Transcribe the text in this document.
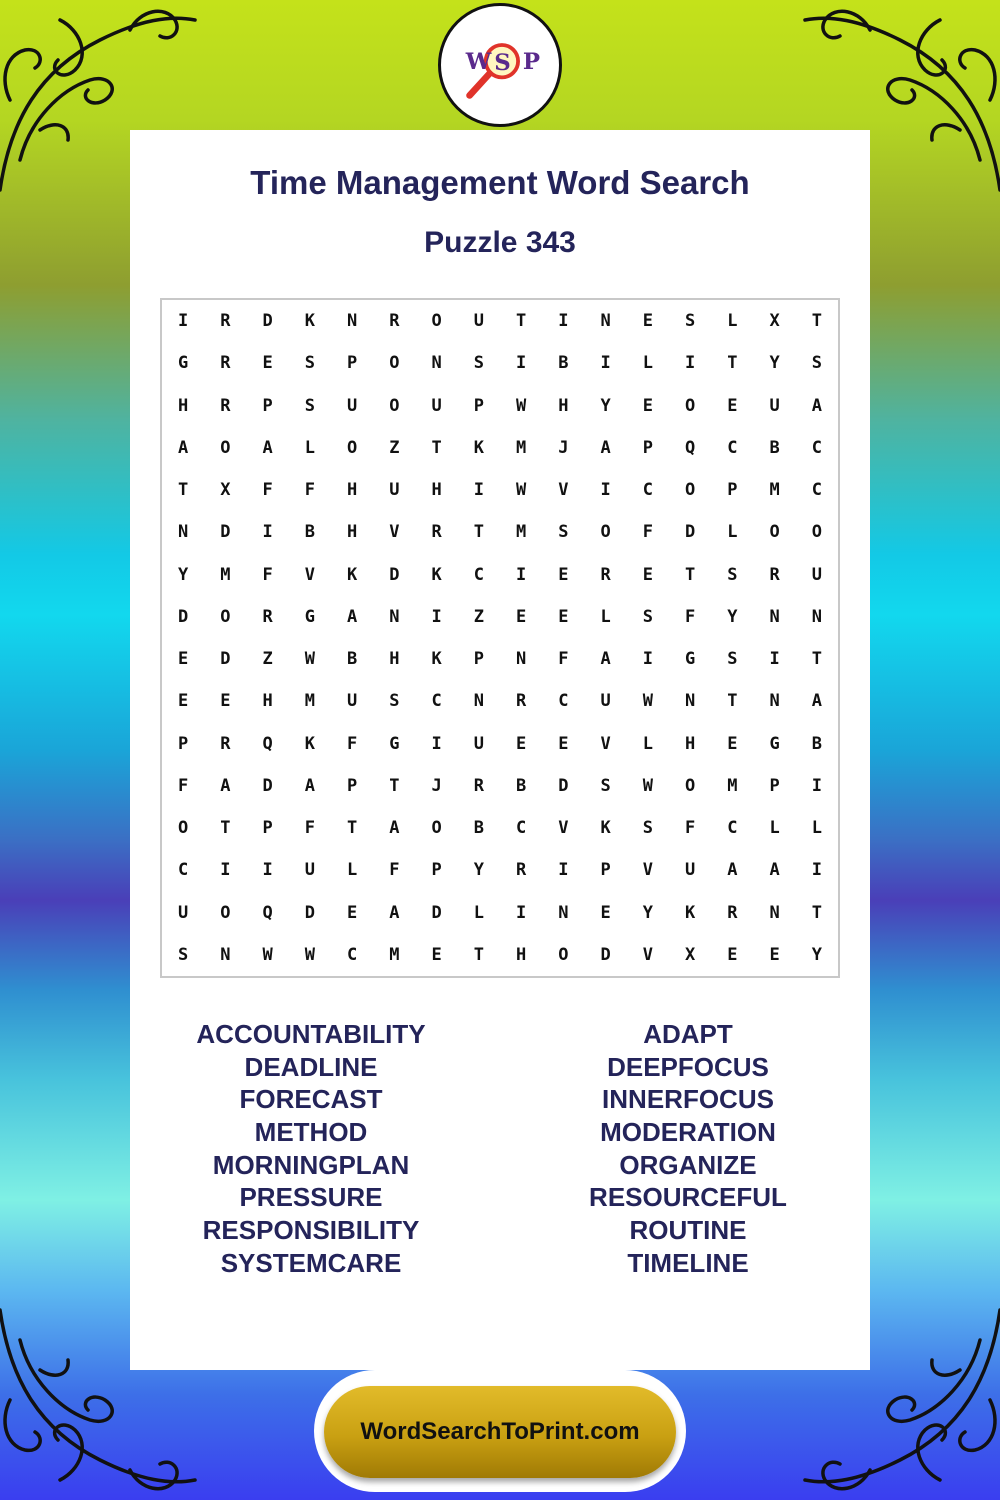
W S P
Time Management Word Search
Puzzle 343
I	R	D	K	N	R	O	U	T	I	N	E	S	L	X	T
G	R	E	S	P	O	N	S	I	B	I	L	I	T	Y	S
H	R	P	S	U	O	U	P	W	H	Y	E	O	E	U	A
A	O	A	L	O	Z	T	K	M	J	A	P	Q	C	B	C
T	X	F	F	H	U	H	I	W	V	I	C	O	P	M	C
N	D	I	B	H	V	R	T	M	S	O	F	D	L	O	O
Y	M	F	V	K	D	K	C	I	E	R	E	T	S	R	U
D	O	R	G	A	N	I	Z	E	E	L	S	F	Y	N	N
E	D	Z	W	B	H	K	P	N	F	A	I	G	S	I	T
E	E	H	M	U	S	C	N	R	C	U	W	N	T	N	A
P	R	Q	K	F	G	I	U	E	E	V	L	H	E	G	B
F	A	D	A	P	T	J	R	B	D	S	W	O	M	P	I
O	T	P	F	T	A	O	B	C	V	K	S	F	C	L	L
C	I	I	U	L	F	P	Y	R	I	P	V	U	A	A	I
U	O	Q	D	E	A	D	L	I	N	E	Y	K	R	N	T
S	N	W	W	C	M	E	T	H	O	D	V	X	E	E	Y
ACCOUNTABILITY
DEADLINE
FORECAST
METHOD
MORNINGPLAN
PRESSURE
RESPONSIBILITY
SYSTEMCARE
ADAPT
DEEPFOCUS
INNERFOCUS
MODERATION
ORGANIZE
RESOURCEFUL
ROUTINE
TIMELINE
WordSearchToPrint.com
